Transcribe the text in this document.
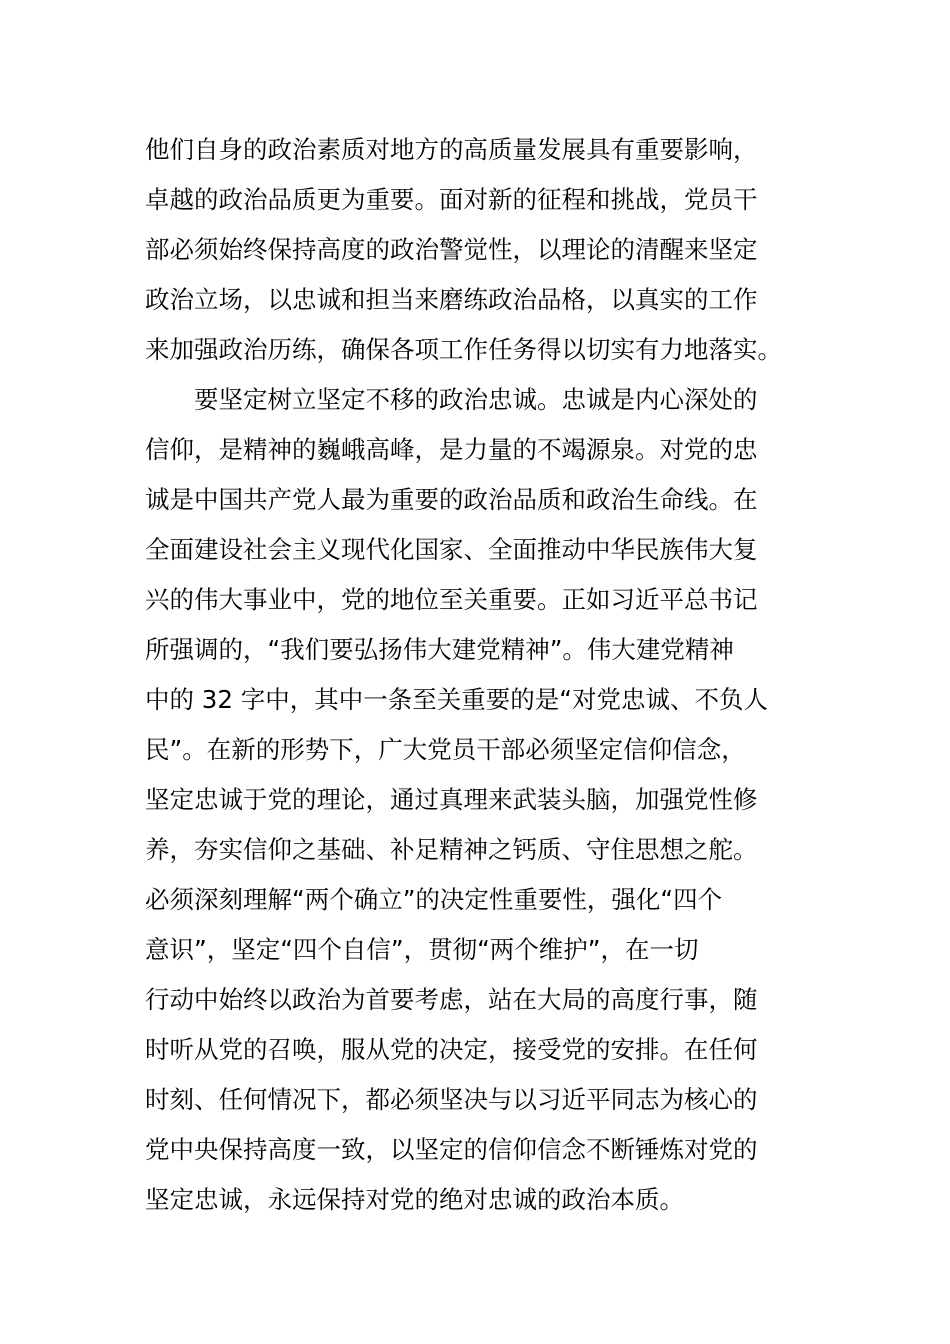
他们自身的政治素质对地方的高质量发展具有重要影响，
卓越的政治品质更为重要。面对新的征程和挑战，党员干
部必须始终保持高度的政治警觉性，以理论的清醒来坚定
政治立场，以忠诚和担当来磨练政治品格，以真实的工作
来加强政治历练，确保各项工作任务得以切实有力地落实。
要坚定树立坚定不移的政治忠诚。忠诚是内心深处的
信仰，是精神的巍峨高峰，是力量的不竭源泉。对党的忠
诚是中国共产党人最为重要的政治品质和政治生命线。在
全面建设社会主义现代化国家、全面推动中华民族伟大复
兴的伟大事业中，党的地位至关重要。正如习近平总书记
所强调的，“我们要弘扬伟大建党精神”。伟大建党精神
中的 32 字中，其中一条至关重要的是“对党忠诚、不负人
民”。在新的形势下，广大党员干部必须坚定信仰信念，
坚定忠诚于党的理论，通过真理来武装头脑，加强党性修
养，夯实信仰之基础、补足精神之钙质、守住思想之舵。
必须深刻理解“两个确立”的决定性重要性，强化“四个
意识”，坚定“四个自信”，贯彻“两个维护”，在一切
行动中始终以政治为首要考虑，站在大局的高度行事，随
时听从党的召唤，服从党的决定，接受党的安排。在任何
时刻、任何情况下，都必须坚决与以习近平同志为核心的
党中央保持高度一致，以坚定的信仰信念不断锤炼对党的
坚定忠诚，永远保持对党的绝对忠诚的政治本质。
